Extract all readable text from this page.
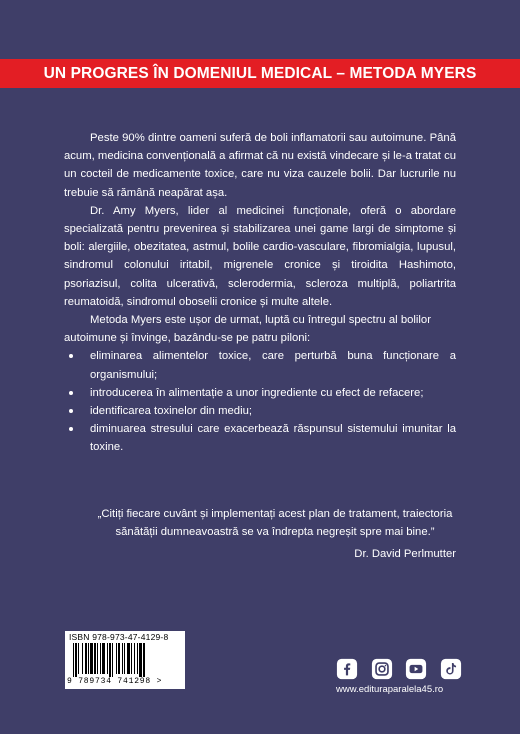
UN PROGRES ÎN DOMENIUL MEDICAL – METODA MYERS

Peste 90% dintre oameni suferă de boli inflamatorii sau autoimune. Până acum, medicina convențională a afirmat că nu există vindecare și le-a tratat cu un cocteil de medicamente toxice, care nu viza cauzele bolii. Dar lucrurile nu trebuie să rămână neapărat așa.

Dr. Amy Myers, lider al medicinei funcționale, oferă o abordare specializată pentru prevenirea și stabilizarea unei game largi de simptome și boli: alergiile, obezitatea, astmul, bolile cardio-vasculare, fibromialgia, lupusul, sindromul colonului iritabil, migrenele cronice și tiroidita Hashimoto, psoriazisul, colita ulcerativă, sclerodermia, scleroza multiplă, poliartrita reumatoidă, sindromul oboselii cronice și multe altele.

Metoda Myers este ușor de urmat, luptă cu întregul spectru al bolilor autoimune și învinge, bazându-se pe patru piloni:

eliminarea alimentelor toxice, care perturbă buna funcționare a organismului;
introducerea în alimentație a unor ingrediente cu efect de refacere;
identificarea toxinelor din mediu;
diminuarea stresului care exacerbează răspunsul sistemului imunitar la toxine.
„Citiți fiecare cuvânt și implementați acest plan de tratament, traiectoria sănătății dumneavoastră se va îndrepta negreșit spre mai bine.”
Dr. David Perlmutter
ISBN 978-973-47-4129-8
9 789734 741298 >
www.edituraparalela45.ro
